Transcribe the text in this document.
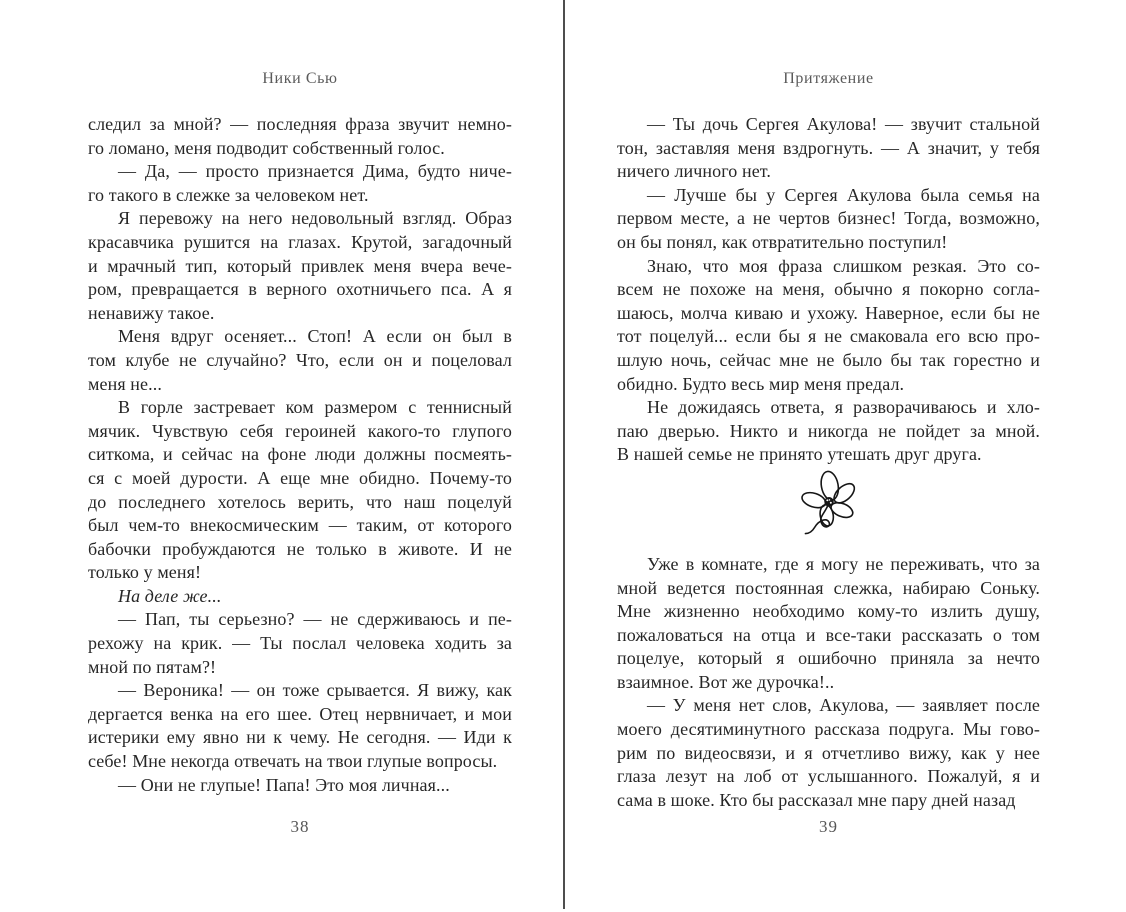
Ники Сью
следил за мной? — последняя фраза звучит немно-
го ломано, меня подводит собственный голос.
— Да, — просто признается Дима, будто ниче-
го такого в слежке за человеком нет.
Я перевожу на него недовольный взгляд. Образ
красавчика рушится на глазах. Крутой, загадочный
и мрачный тип, который привлек меня вчера вече-
ром, превращается в верного охотничьего пса. А я
ненавижу такое.
Меня вдруг осеняет... Стоп! А если он был в
том клубе не случайно? Что, если он и поцеловал
меня не...
В горле застревает ком размером с теннисный
мячик. Чувствую себя героиней какого-то глупого
ситкома, и сейчас на фоне люди должны посмеять-
ся с моей дурости. А еще мне обидно. Почему-то
до последнего хотелось верить, что наш поцелуй
был чем-то внекосмическим — таким, от которого
бабочки пробуждаются не только в животе. И не
только у меня!
На деле же...
— Пап, ты серьезно? — не сдерживаюсь и пе-
рехожу на крик. — Ты послал человека ходить за
мной по пятам?!
— Вероника! — он тоже срывается. Я вижу, как
дергается венка на его шее. Отец нервничает, и мои
истерики ему явно ни к чему. Не сегодня. — Иди к
себе! Мне некогда отвечать на твои глупые вопросы.
— Они не глупые! Папа! Это моя личная...
38
Притяжение
— Ты дочь Сергея Акулова! — звучит стальной
тон, заставляя меня вздрогнуть. — А значит, у тебя
ничего личного нет.
— Лучше бы у Сергея Акулова была семья на
первом месте, а не чертов бизнес! Тогда, возможно,
он бы понял, как отвратительно поступил!
Знаю, что моя фраза слишком резкая. Это со-
всем не похоже на меня, обычно я покорно согла-
шаюсь, молча киваю и ухожу. Наверное, если бы не
тот поцелуй... если бы я не смаковала его всю про-
шлую ночь, сейчас мне не было бы так горестно и
обидно. Будто весь мир меня предал.
Не дожидаясь ответа, я разворачиваюсь и хло-
паю дверью. Никто и никогда не пойдет за мной.
В нашей семье не принято утешать друг друга.
Уже в комнате, где я могу не переживать, что за
мной ведется постоянная слежка, набираю Соньку.
Мне жизненно необходимо кому-то излить душу,
пожаловаться на отца и все-таки рассказать о том
поцелуе, который я ошибочно приняла за нечто
взаимное. Вот же дурочка!..
— У меня нет слов, Акулова, — заявляет после
моего десятиминутного рассказа подруга. Мы гово-
рим по видеосвязи, и я отчетливо вижу, как у нее
глаза лезут на лоб от услышанного. Пожалуй, я и
сама в шоке. Кто бы рассказал мне пару дней назад
39
